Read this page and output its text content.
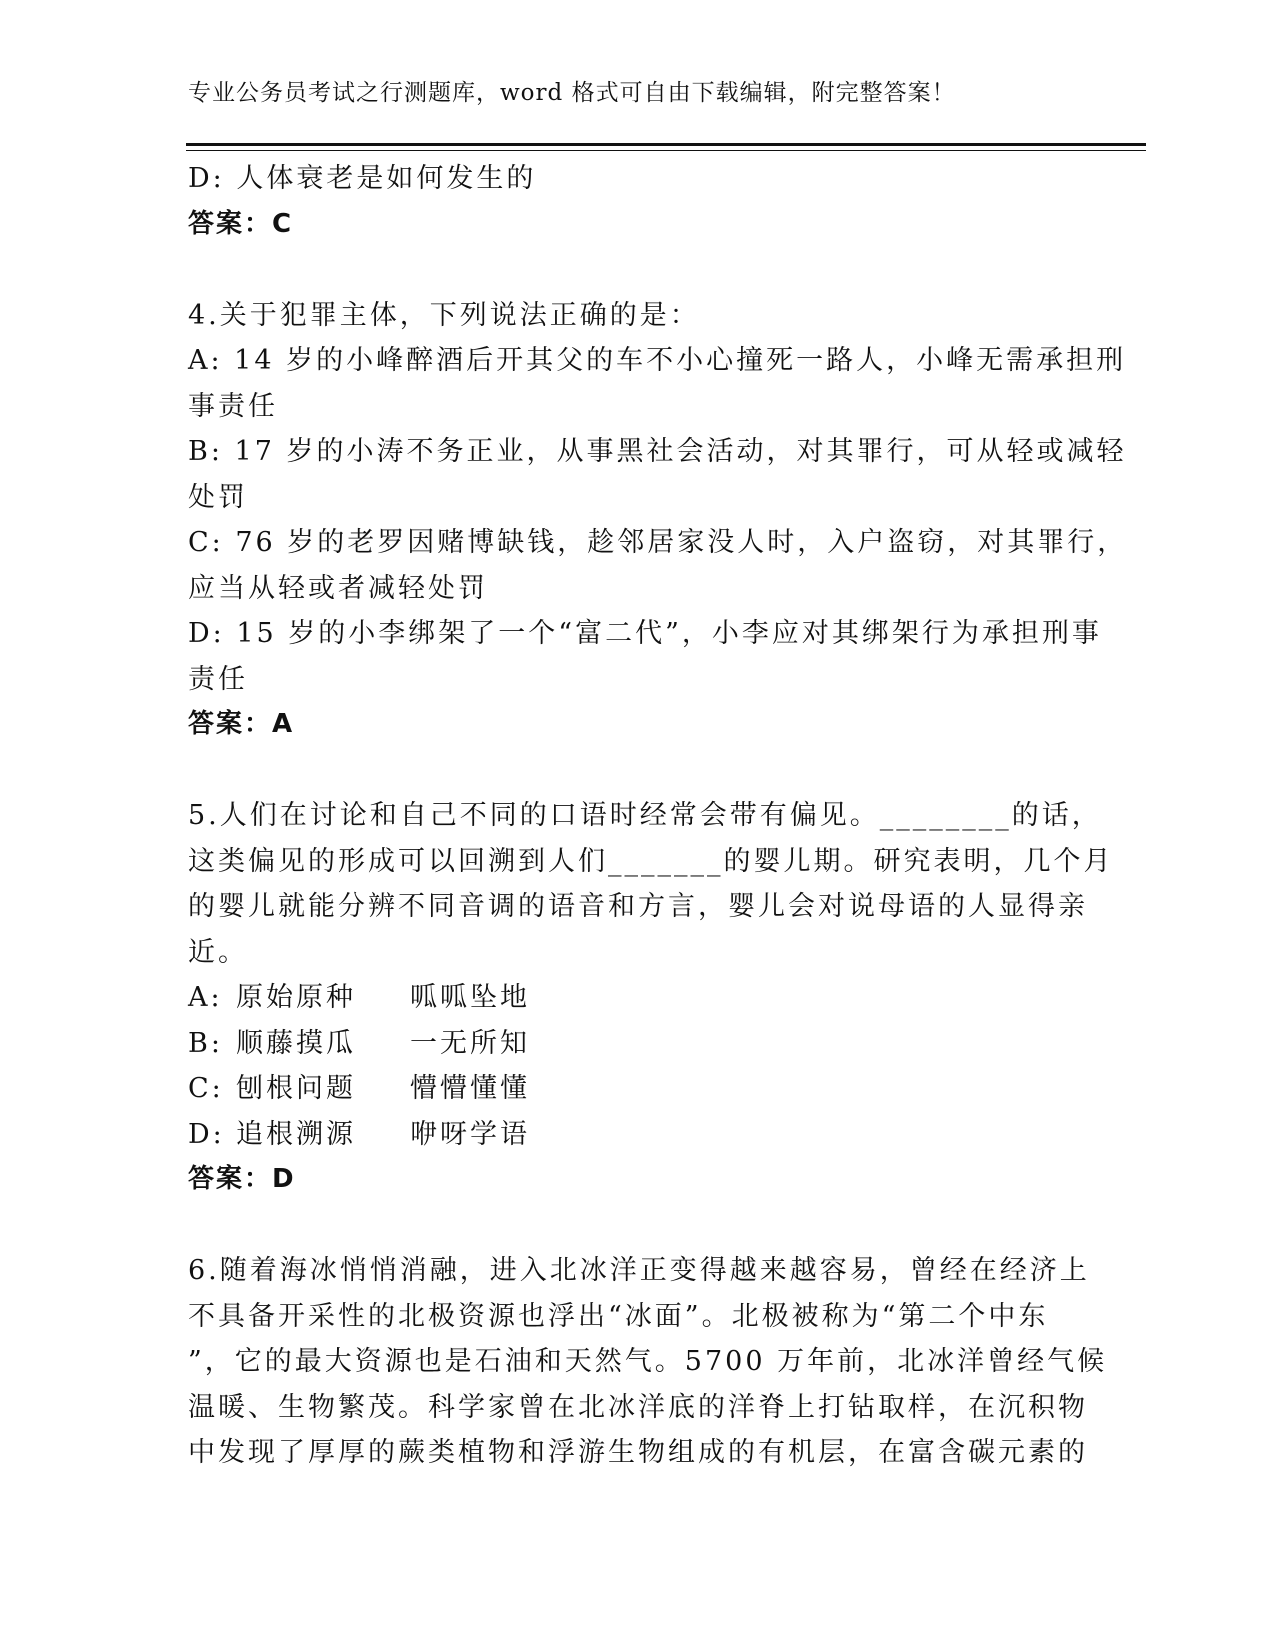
专业公务员考试之行测题库，word 格式可自由下载编辑，附完整答案！
D: 人体衰老是如何发生的
答案：C
4.关于犯罪主体，下列说法正确的是：
A: 14 岁的小峰醉酒后开其父的车不小心撞死一路人，小峰无需承担刑
事责任
B: 17 岁的小涛不务正业，从事黑社会活动，对其罪行，可从轻或减轻
处罚
C: 76 岁的老罗因赌博缺钱，趁邻居家没人时，入户盗窃，对其罪行，
应当从轻或者减轻处罚
D: 15 岁的小李绑架了一个“富二代”，小李应对其绑架行为承担刑事
责任
答案：A
5.人们在讨论和自己不同的口语时经常会带有偏见。________的话，
这类偏见的形成可以回溯到人们_______的婴儿期。研究表明，几个月
的婴儿就能分辨不同音调的语音和方言，婴儿会对说母语的人显得亲
近。
A: 原始原种 呱呱坠地
B: 顺藤摸瓜 一无所知
C: 刨根问题 懵懵懂懂
D: 追根溯源 咿呀学语
答案：D
6.随着海冰悄悄消融，进入北冰洋正变得越来越容易，曾经在经济上
不具备开采性的北极资源也浮出“冰面”。北极被称为“第二个中东
”，它的最大资源也是石油和天然气。5700 万年前，北冰洋曾经气候
温暖、生物繁茂。科学家曾在北冰洋底的洋脊上打钻取样，在沉积物
中发现了厚厚的蕨类植物和浮游生物组成的有机层，在富含碳元素的
